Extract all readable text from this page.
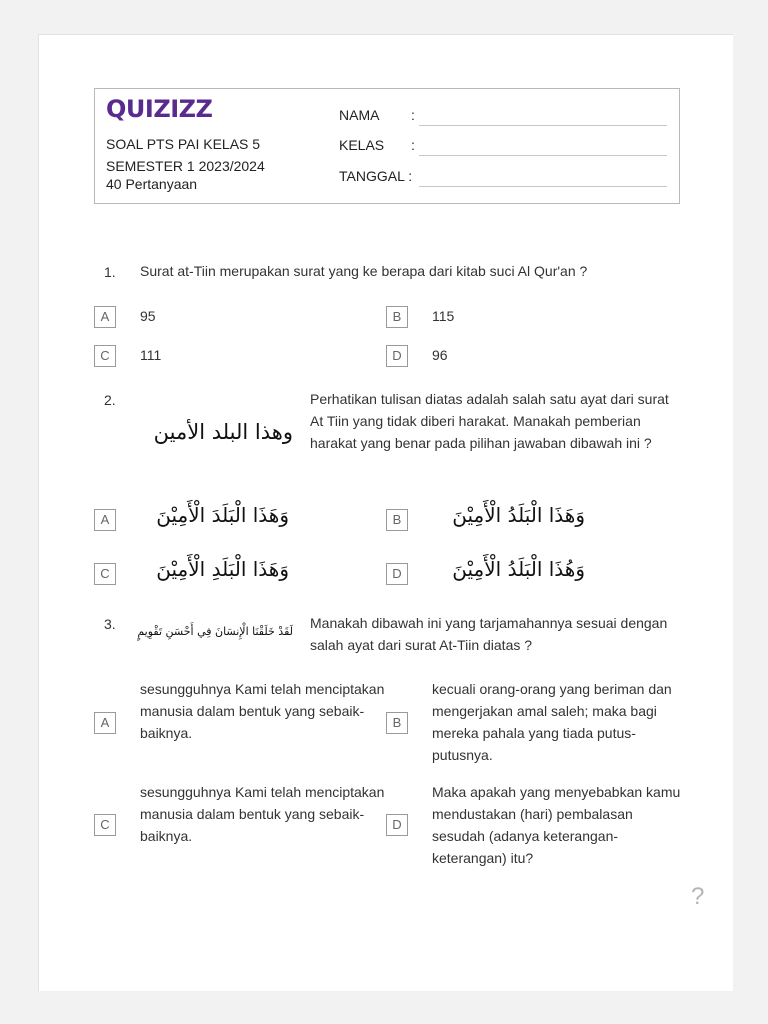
QUIZIZZ
SOAL PTS PAI KELAS 5
SEMESTER 1 2023/2024
40 Pertanyaan
NAMA :
KELAS :
TANGGAL :
1. Surat at-Tiin merupakan surat yang ke berapa dari kitab suci Al Qur'an ?
A	95	B	115
C	111	D	96
2.
وهذا البلد الأمين
Perhatikan tulisan diatas adalah salah satu ayat dari surat At Tiin yang tidak diberi harakat. Manakah pemberian harakat yang benar pada pilihan jawaban dibawah ini ?
A	وَهَذَا الْبَلَدَ الْأَمِيْنَ	B	وَهَذَا الْبَلَدُ الْأَمِيْنَ
C	وَهَذَا الْبَلَدِ الْأَمِيْنَ	D	وَهُذَا الْبَلَدُ الْأَمِيْنَ
3. لَقَدْ خَلَقْنَا الْإِنسَانَ فِي أَحْسَنِ تَقْوِيمٍ
Manakah dibawah ini yang tarjamahannya sesuai dengan salah ayat dari surat At-Tiin diatas ?
A
sesungguhnya Kami telah menciptakan manusia dalam bentuk yang sebaik-baiknya.
B
kecuali orang-orang yang beriman dan mengerjakan amal saleh; maka bagi mereka pahala yang tiada putus-putusnya.
C
sesungguhnya Kami telah menciptakan manusia dalam bentuk yang sebaik-baiknya.
D
Maka apakah yang menyebabkan kamu mendustakan (hari) pembalasan sesudah (adanya keterangan-keterangan) itu?
?
